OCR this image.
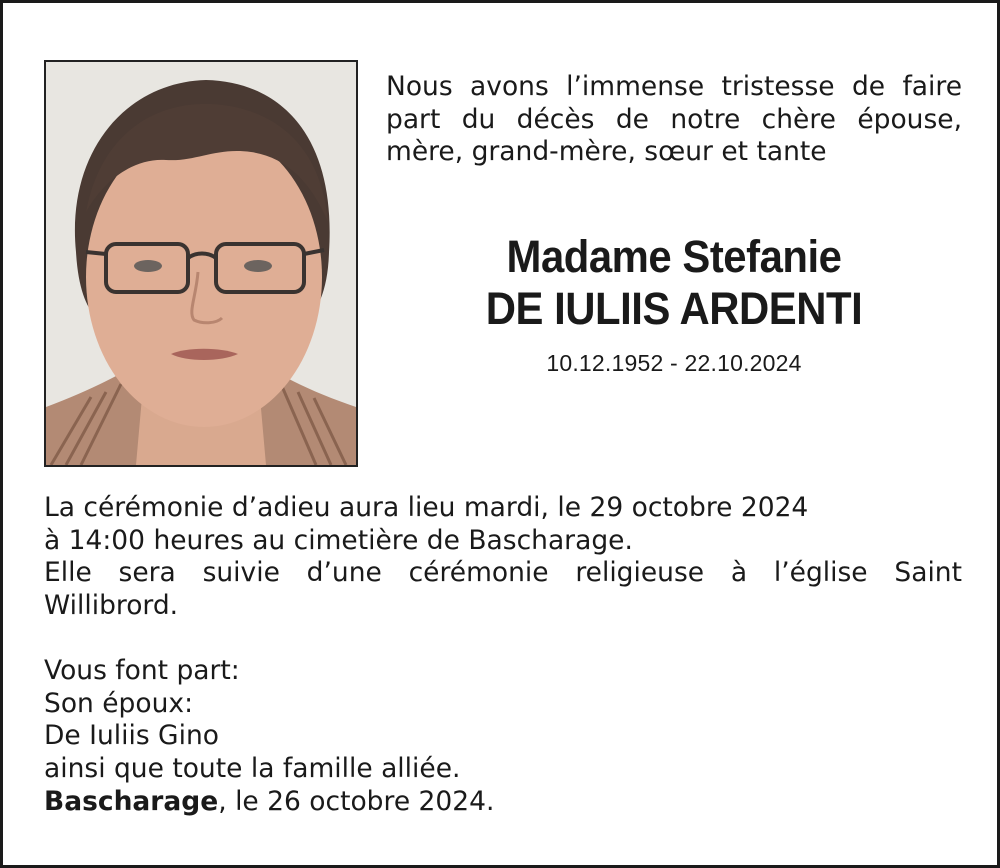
Nous avons l’immense tristesse de faire part du décès de notre chère épouse, mère, grand-mère, sœur et tante

Madame Stefanie

DE IULIIS ARDENTI

10.12.1952 - 22.10.2024
La cérémonie d’adieu aura lieu mardi, le 29 octobre 2024
à 14:00 heures au cimetière de Bascharage.
Elle sera suivie d’une cérémonie religieuse à l’église Saint
Willibrord.
Vous font part:
Son époux:
De Iuliis Gino
ainsi que toute la famille alliée.
Bascharage, le 26 octobre 2024.
